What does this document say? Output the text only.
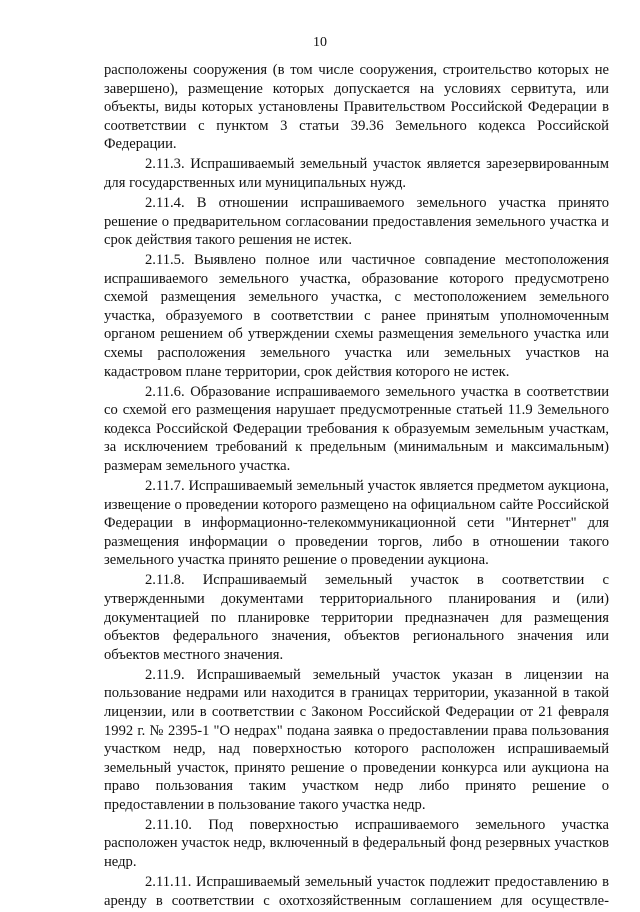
10

расположены сооружения (в том числе сооружения, строительство которых не завершено), размещение которых допускается на условиях сервитута, или объекты, виды которых установлены Правительством Российской Федерации в соответствии с пунктом 3 статьи 39.36 Земельного кодекса Российской Федерации.

2.11.3. Испрашиваемый земельный участок является зарезервированным для государственных или муниципальных нужд.

2.11.4. В отношении испрашиваемого земельного участка принято решение о предварительном согласовании предоставления земельного участка и срок действия такого решения не истек.

2.11.5. Выявлено полное или частичное совпадение местоположения испрашиваемого земельного участка, образование которого предусмотрено схемой размещения земельного участка, с местоположением земельного участка, образуемого в соответствии с ранее принятым уполномоченным органом решением об утверждении схемы размещения земельного участка или схемы расположения земельного участка или земельных участков на кадастровом плане территории, срок действия которого не истек.

2.11.6. Образование испрашиваемого земельного участка в соответствии со схемой его размещения нарушает предусмотренные статьей 11.9 Земельного кодекса Российской Федерации требования к образуемым земельным участкам, за исключением требований к предельным (минимальным и максимальным) размерам земельного участка.

2.11.7. Испрашиваемый земельный участок является предметом аукциона, извещение о проведении которого размещено на официальном сайте Российской Федерации в информационно-телекоммуникационной сети "Интернет" для размещения информации о проведении торгов, либо в отношении такого земельного участка принято решение о проведении аукциона.

2.11.8. Испрашиваемый земельный участок в соответствии с утвержденными документами территориального планирования и (или) документацией по планировке территории предназначен для размещения объектов федерального значения, объектов регионального значения или объектов местного значения.

2.11.9. Испрашиваемый земельный участок указан в лицензии на пользование недрами или находится в границах территории, указанной в такой лицензии, или в соответствии с Законом Российской Федерации от 21 февраля 1992 г. № 2395-1 "О недрах" подана заявка о предоставлении права пользования участком недр, над поверхностью которого расположен испрашиваемый земельный участок, принято решение о проведении конкурса или аукциона на право пользования таким участком недр либо принято решение о предоставлении в пользование такого участка недр.

2.11.10. Под поверхностью испрашиваемого земельного участка расположен участок недр, включенный в федеральный фонд резервных участков недр.

2.11.11. Испрашиваемый земельный участок подлежит предоставлению в аренду в соответствии с охотхозяйственным соглашением для осуществле-
